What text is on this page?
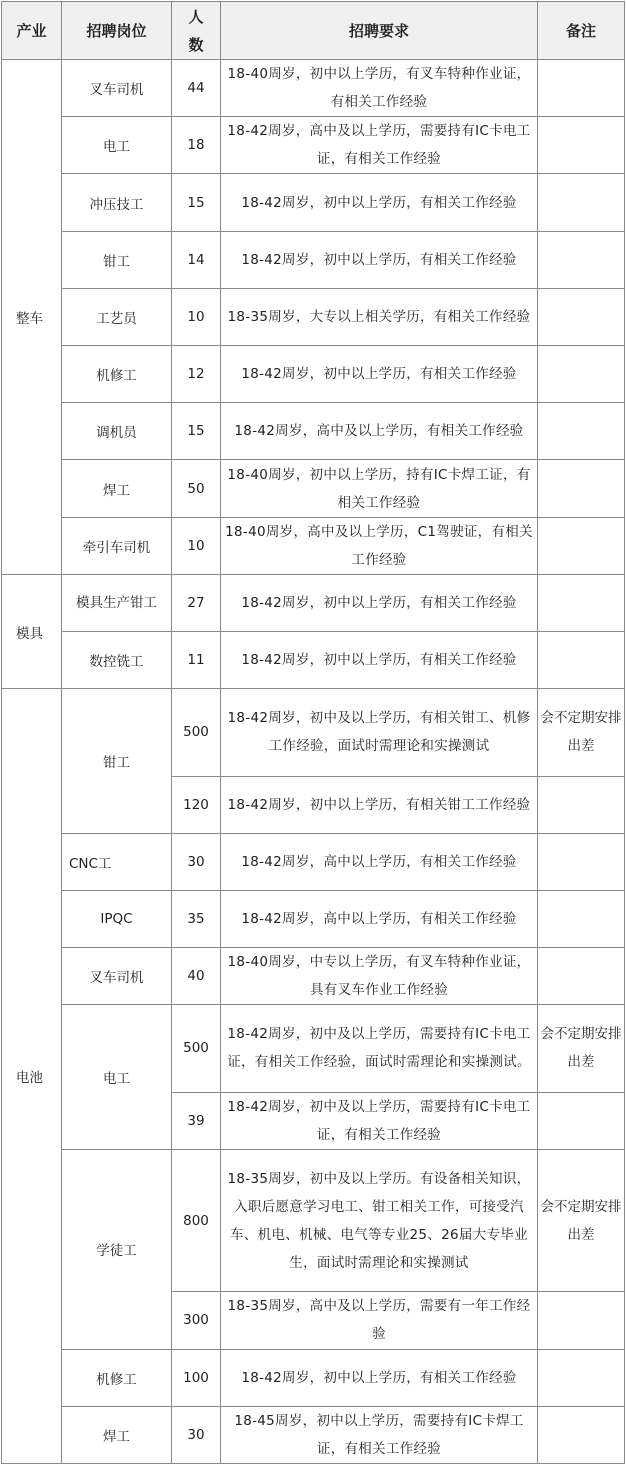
产业	招聘岗位	人数	招聘要求	备注
整车	叉车司机	44	18-40周岁，初中以上学历，有叉车特种作业证，有相关工作经验	
	电工	18	18-42周岁，高中及以上学历，需要持有IC卡电工证，有相关工作经验	
	冲压技工	15	18-42周岁，初中以上学历，有相关工作经验	
	钳工	14	18-42周岁，初中以上学历，有相关工作经验	
	工艺员	10	18-35周岁，大专以上相关学历，有相关工作经验	
	机修工	12	18-42周岁，初中以上学历，有相关工作经验	
	调机员	15	18-42周岁，高中及以上学历，有相关工作经验	
	焊工	50	18-40周岁，初中以上学历，持有IC卡焊工证，有相关工作经验	
	牵引车司机	10	18-40周岁，高中及以上学历，C1驾驶证，有相关工作经验	
模具	模具生产钳工	27	18-42周岁，初中以上学历，有相关工作经验	
	数控铣工	11	18-42周岁，初中以上学历，有相关工作经验	
电池	钳工	500	18-42周岁，初中及以上学历，有相关钳工、机修工作经验，面试时需理论和实操测试	会不定期安排出差
		120	18-42周岁，初中以上学历，有相关钳工工作经验	
	CNC工	30	18-42周岁，高中以上学历，有相关工作经验	
	IPQC	35	18-42周岁，高中以上学历，有相关工作经验	
	叉车司机	40	18-40周岁，中专以上学历，有叉车特种作业证，具有叉车作业工作经验	
	电工	500	18-42周岁，初中及以上学历，需要持有IC卡电工证，有相关工作经验，面试时需理论和实操测试。	会不定期安排出差
		39	18-42周岁，初中及以上学历，需要持有IC卡电工证，有相关工作经验	
	学徒工	800	18-35周岁，初中及以上学历。有设备相关知识，入职后愿意学习电工、钳工相关工作，可接受汽车、机电、机械、电气等专业25、26届大专毕业生，面试时需理论和实操测试	会不定期安排出差
		300	18-35周岁，高中及以上学历，需要有一年工作经验	
	机修工	100	18-42周岁，初中以上学历，有相关工作经验	
	焊工	30	18-45周岁，初中以上学历，需要持有IC卡焊工证，有相关工作经验	
